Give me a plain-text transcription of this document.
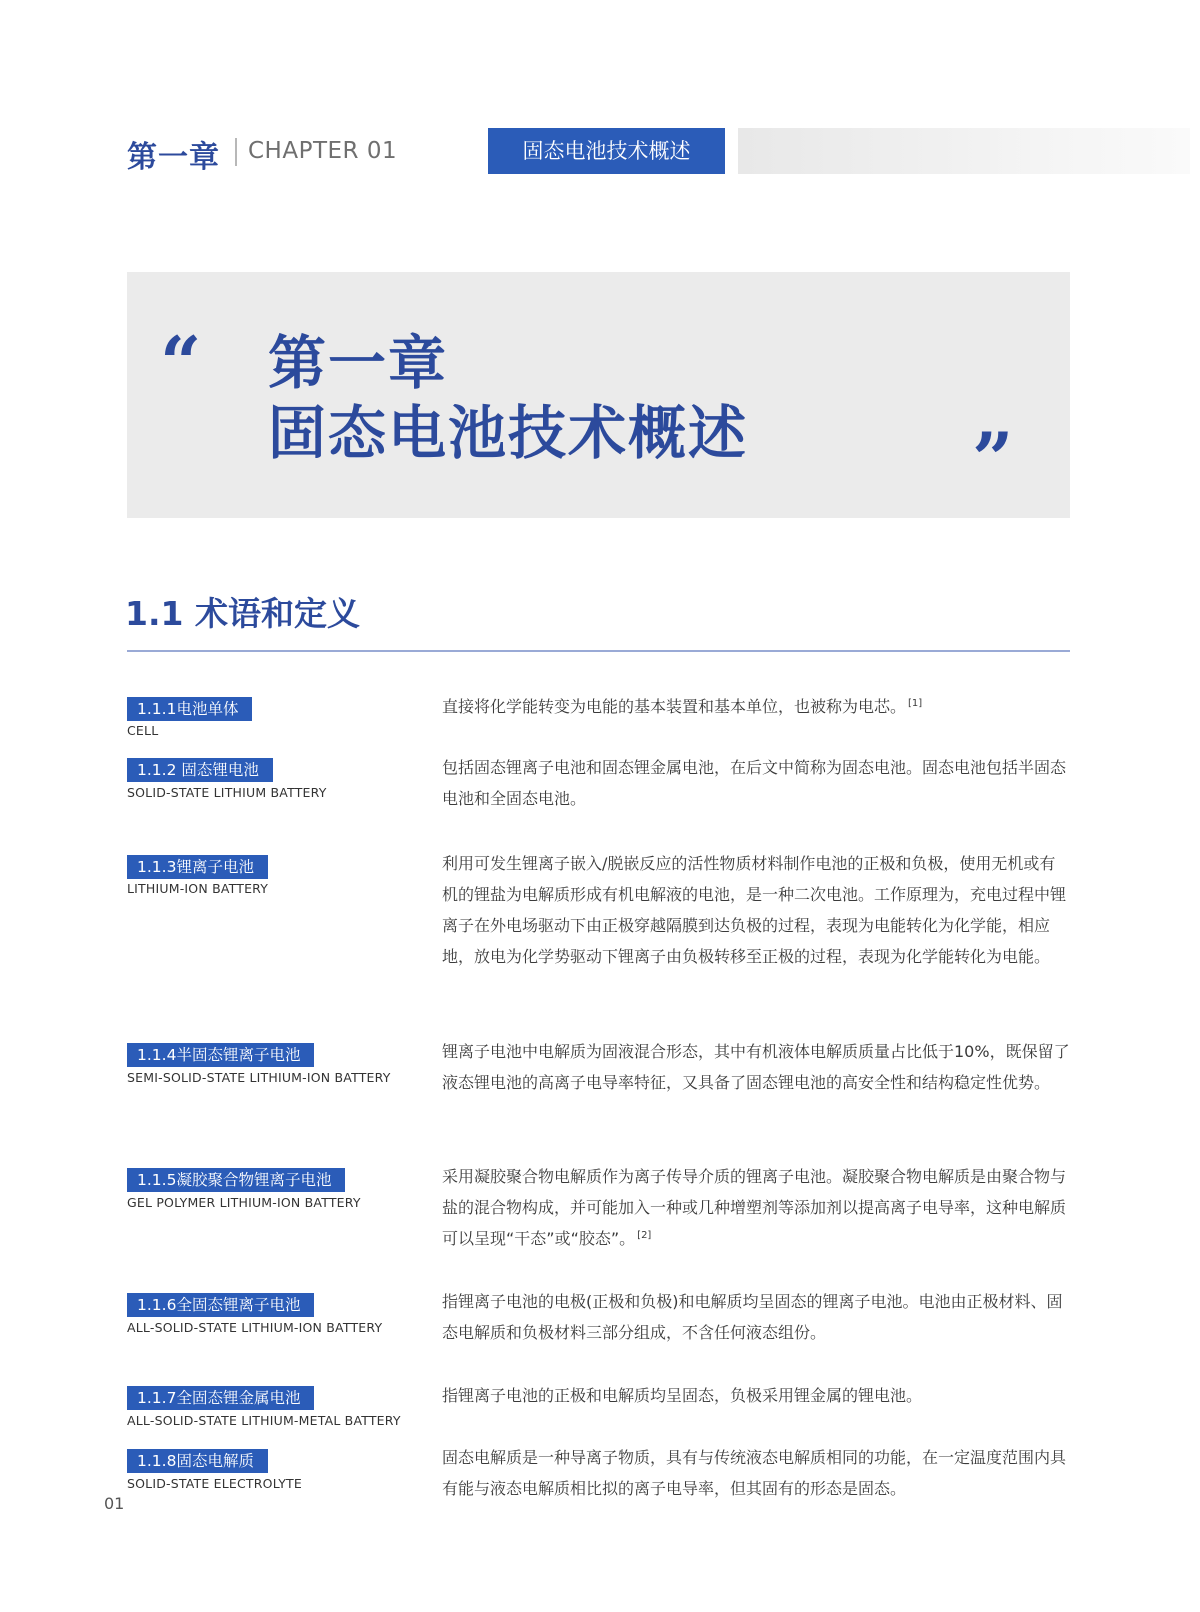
第一章 CHAPTER 01	固态电池技术概述
“ 第一章
固态电池技术概述	”
1.1 术语和定义
1.1.1电池单体
CELL
直接将化学能转变为电能的基本装置和基本单位，也被称为电芯。 [1]
1.1.2 固态锂电池
SOLID-STATE LITHIUM BATTERY
包括固态锂离子电池和固态锂金属电池，在后文中简称为固态电池。固态电池包括半固态电池和全固态电池。
1.1.3锂离子电池
LITHIUM-ION BATTERY
利用可发生锂离子嵌入/脱嵌反应的活性物质材料制作电池的正极和负极，使用无机或有机的锂盐为电解质形成有机电解液的电池，是一种二次电池。工作原理为，充电过程中锂离子在外电场驱动下由正极穿越隔膜到达负极的过程，表现为电能转化为化学能，相应地，放电为化学势驱动下锂离子由负极转移至正极的过程，表现为化学能转化为电能。
1.1.4半固态锂离子电池
SEMI-SOLID-STATE LITHIUM-ION BATTERY
锂离子电池中电解质为固液混合形态，其中有机液体电解质质量占比低于10%，既保留了液态锂电池的高离子电导率特征，又具备了固态锂电池的高安全性和结构稳定性优势。
1.1.5凝胶聚合物锂离子电池
GEL POLYMER LITHIUM-ION BATTERY
采用凝胶聚合物电解质作为离子传导介质的锂离子电池。凝胶聚合物电解质是由聚合物与盐的混合物构成，并可能加入一种或几种增塑剂等添加剂以提高离子电导率，这种电解质可以呈现“干态”或“胶态”。 [2]
1.1.6全固态锂离子电池
ALL-SOLID-STATE LITHIUM-ION BATTERY
指锂离子电池的电极(正极和负极)和电解质均呈固态的锂离子电池。电池由正极材料、固态电解质和负极材料三部分组成，不含任何液态组份。
1.1.7全固态锂金属电池
ALL-SOLID-STATE LITHIUM-METAL BATTERY
指锂离子电池的正极和电解质均呈固态，负极采用锂金属的锂电池。
1.1.8固态电解质
SOLID-STATE ELECTROLYTE
固态电解质是一种导离子物质，具有与传统液态电解质相同的功能，在一定温度范围内具有能与液态电解质相比拟的离子电导率，但其固有的形态是固态。
01
